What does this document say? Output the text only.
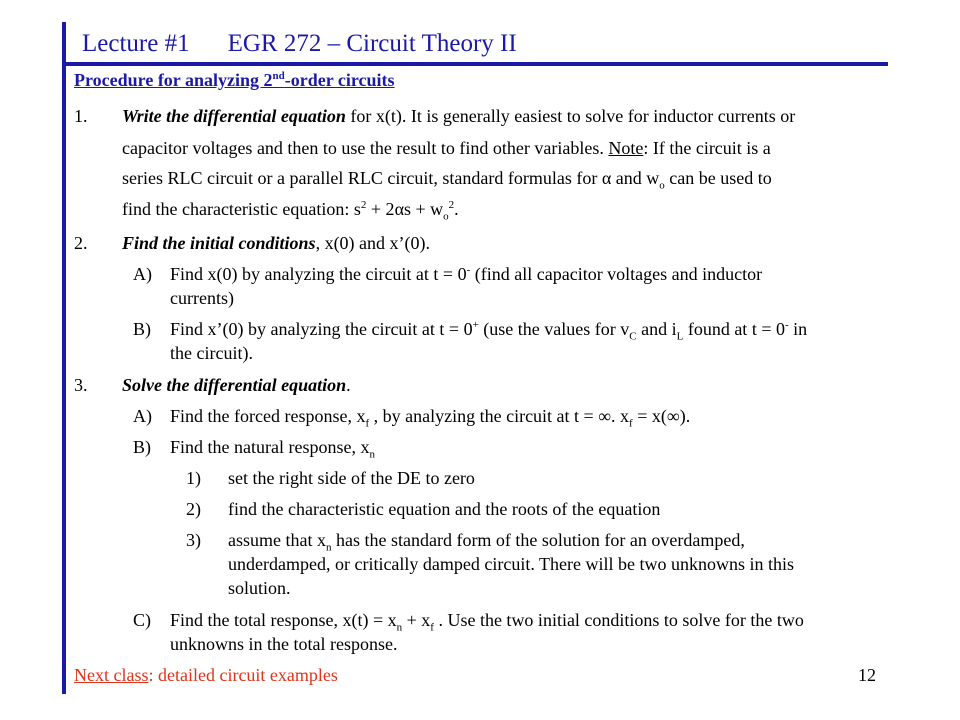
Lecture #1 EGR 272 – Circuit Theory II
Procedure for analyzing 2nd-order circuits
1. Write the differential equation for x(t). It is generally easiest to solve for inductor currents or
capacitor voltages and then to use the result to find other variables. Note: If the circuit is a
series RLC circuit or a parallel RLC circuit, standard formulas for α and $w_o$ can be used to
find the characteristic equation: $s^2 + 2\alpha s + w_o^2$.
2. Find the initial conditions, x(0) and x’(0).
A) Find x(0) by analyzing the circuit at t = 0- (find all capacitor voltages and inductor
currents)
B) Find x’(0) by analyzing the circuit at t = 0+ (use the values for $v_C$ and $i_L$ found at t = 0- in
the circuit).
3. Solve the differential equation.
A) Find the forced response, $x_f$ , by analyzing the circuit at t = ∞. $x_f = x(\infty)$.
B) Find the natural response, $x_n$
1) set the right side of the DE to zero
2) find the characteristic equation and the roots of the equation
3) assume that $x_n$ has the standard form of the solution for an overdamped,
underdamped, or critically damped circuit. There will be two unknowns in this
solution.
C) Find the total response, $x(t) = x_n + x_f$ . Use the two initial conditions to solve for the two
unknowns in the total response.
Next class: detailed circuit examples	12
